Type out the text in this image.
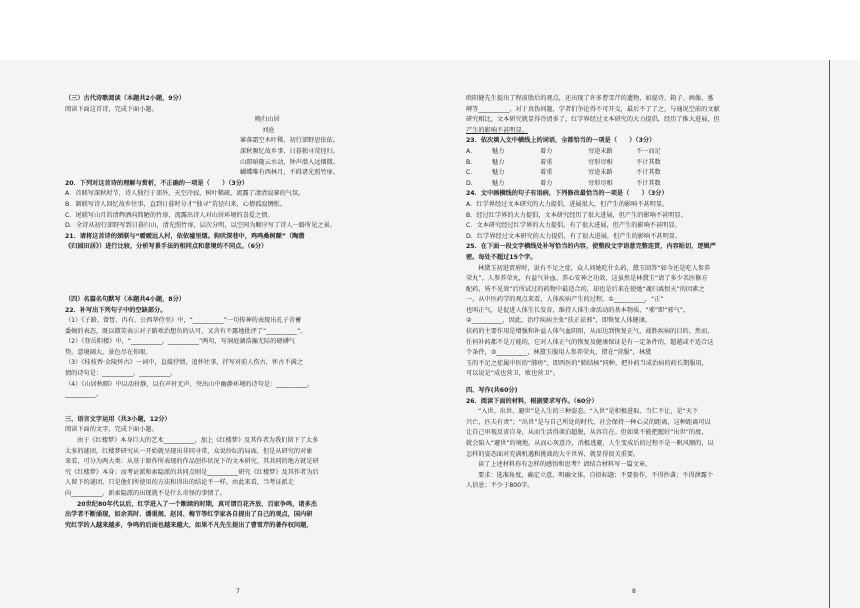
（三）古代诗歌阅读（本题共2小题，9分）
阅读下面这首诗，完成下面小题。
晚归山居
刘沧
寥落霜空木叶稀，初行郊野思依依。
深秋频忆故乡事，日暮独寻荒径归。
山即暗随云水动，钟声潜入远烟微。
蝴蝶唯有西林月，不碍诸光照竹扉。
20．下列对这首诗的理解与赏析，不正确的一项是（　　）（3分）
A．首联写深秋时节，诗人独行于郊外，天空冷寂，树叶稀疏，流露了凄清寂寥的气氛。
B．颔联写诗人回忆故乡往事，直到日暮时分才“独寻”荒径归来，心情孤寂惆怅。
C．尾联写山月的清辉洒向简陋的竹扉，流露出诗人对山居环境的喜爱之情。
D．全诗从初行郊野写到日暮归山，清光照竹扉，层次分明，以空间为顺序写了诗人一路所见之景。
21．请将这首诗的颈联与“暧暧远人村，依依墟里烟。狗吠深巷中，鸡鸣桑树颠”（陶潜
《归园田居》）进行比较，分析写景手法的相同点和意境的不同点。（6分）
（四）名篇名句默写（本题共4小题，8分）
22．补写出下列句子中的空缺部分。
（1）《子路、曾皙、冉有、公西华侍坐》中，“__________”一句传神的表现出孔子含蓄
委婉的表态，既以微笑表示对子路欢治想负的认可，又含有不露地批评了“__________”。
（2）《登岳阳楼》中，“__________，__________”两句，写洞庭湖浩瀚无际的磅礴气
势。意境阔大，景色尽在你眼。
（3）《桂枝香·金陵怀古》一词中，直接抒情，追怀往事，抒写对前人伤古，怀古不满之
情的诗句是：__________，__________。
（4）《山居秋暝》中以动衬静，以有声衬无声，突出山中幽静环境的诗句是：__________，
__________。
三、语言文字运用（共3小题，12分）
阅读下面的文字，完成下面小题。
由于《红楼梦》本身巨大的艺术__________，加上《红楼梦》及其作者为我们留下了太多
太多的谜团，红楼梦研究从一开始就呈现出非同寻常、众说纷纭的局面，但是从研究的对象
来看，可分为两大类：从基于原作所表现的作品创作状况下的文本研究、其共同的地方就是研
究《红楼梦》本身；而考证派和索隐派的共同点则是__________研究《红楼梦》及其作者为后
人留下的谜团，只是他们所使用的方法和得出的结论不一样。由此来看，当考证派走
向__________，新索隐派的出现就不是什么奇怪的事情了。
20世纪80年代以后，红学进入了一个断续的时期，真可谓百花齐放、百家争鸣，诸多杰
出学者不断涌现，如余英时、潘重规、赵冈、梅节等红学家各自提出了自己的观点，国内研
究红学的人越来越多，争鸣的后面也越来越大，如果不凡先生提出了曹雪芹的著作权问题，
欧阳健先生提出了程前脂后的观点，还出现了许多曹雪芹的遗物，如提诗、箱子、画像、墓
碑等__________，对于真伪问题，学者们争论得不可开交，最后不了了之，与通况空前的文献
研究相比，文本研究就显得冷清多了，红学界经过文本研究的大力提倡，经历了推大进展，但
产生的影响不甚明显。
23．依次填入文中横线上的词语，全都恰当的一项是（　　）（3分）
A．	魅力	着力	穷途末路	不一而足
B．	魅力	着重	穷形尽相	不计其数
C．	魅力	着重	穷途末路	不计其数
D．	魅力	着力	穷形尽相	不计其数
24．文中画横线的句子有语病，下列修改最恰当的一项是（　　）（3分）
A．红学界经过文本研究的大力提倡，进展很大，但产生的影响不甚明显。
B．经过红学界的大力提倡，文本研究经历了很大进展，但产生的影响不甚明显。
C．文本研究经过红学界的大力提倡，有了很大进展，但产生的影响不甚明显。
D．红学界经过文本研究的大力提倡，有了很大进展，但产生的影响不甚明显。
25．在下面一段文字横线处补写恰当的内容，使整段文字语意完整连贯，内容贴切，逻辑严
密。每处不超过15个字。
林黛玉初进贾府时，说有不足之症，众人问她吃什么药，黛玉回答“如今还是吃人参养
荣丸”。人参养荣丸，有益气补血、养心安神之功效，这虽然是林黛玉“请了多少名医修方
配药，皆不见效”后所试过的药物中最适合的，却也是后来在使她“魂归离恨天”的因素之
一。从中医药学的观点来看，人体疾病产生的过程，①__________，“正”
也叫正气，是促进人体生长发育，维持人体生命活动的基本物质，“邪”即“邪气”。
②__________，因此，治疗疾病主张“扶正祛邪”，即恢复人体健康。
扶药的主要作用是增强和补益人体气血阴阳，从而达到恢复正气、战胜疾病的目的。然而，
任何补药都不是万能的，它对人体正气的恢复及健康保证是有一定条件的，超越或不适合这
个条件，③__________，林黛玉服用人参养荣丸，错在“营服”，林黛
玉的不足之症属中医的“肺痨”，即西医的“肺结核”同种，把补药当成治病的药长期服用，
可以说是“成也营卫，败也营卫”。
四、写作(共60分)
26．阅读下面的材料，根据要求写作。（60分）
“入世、出世、避世”是人生的三种姿态。“入世”是积极进取、当仁不让，是“天下
兴亡，匹夫有责”；“出世”是与自己所处的时代、社会保持一种心灵的距离，这种距离可以
让自己审视反省自身，从而生活得谈泊超脱，从容自在。但如果不能把握好“出世”的度，
就会陷入“避世”的境地。从而心灰意冷，消极逃避，人生变成后的过程不是一帆风顺的，以
怎样的姿态面对充满机遇和挑战的大千世界，就显得很关重要。
读了上述材料你有怎样的感悟和思考？请结合材料写一篇文章。
要求：选准角度，确定立意，明确文体，自拟标题；不要套作，不得抄袭；不得泄露个
人信息；不少于800字。
7	8
